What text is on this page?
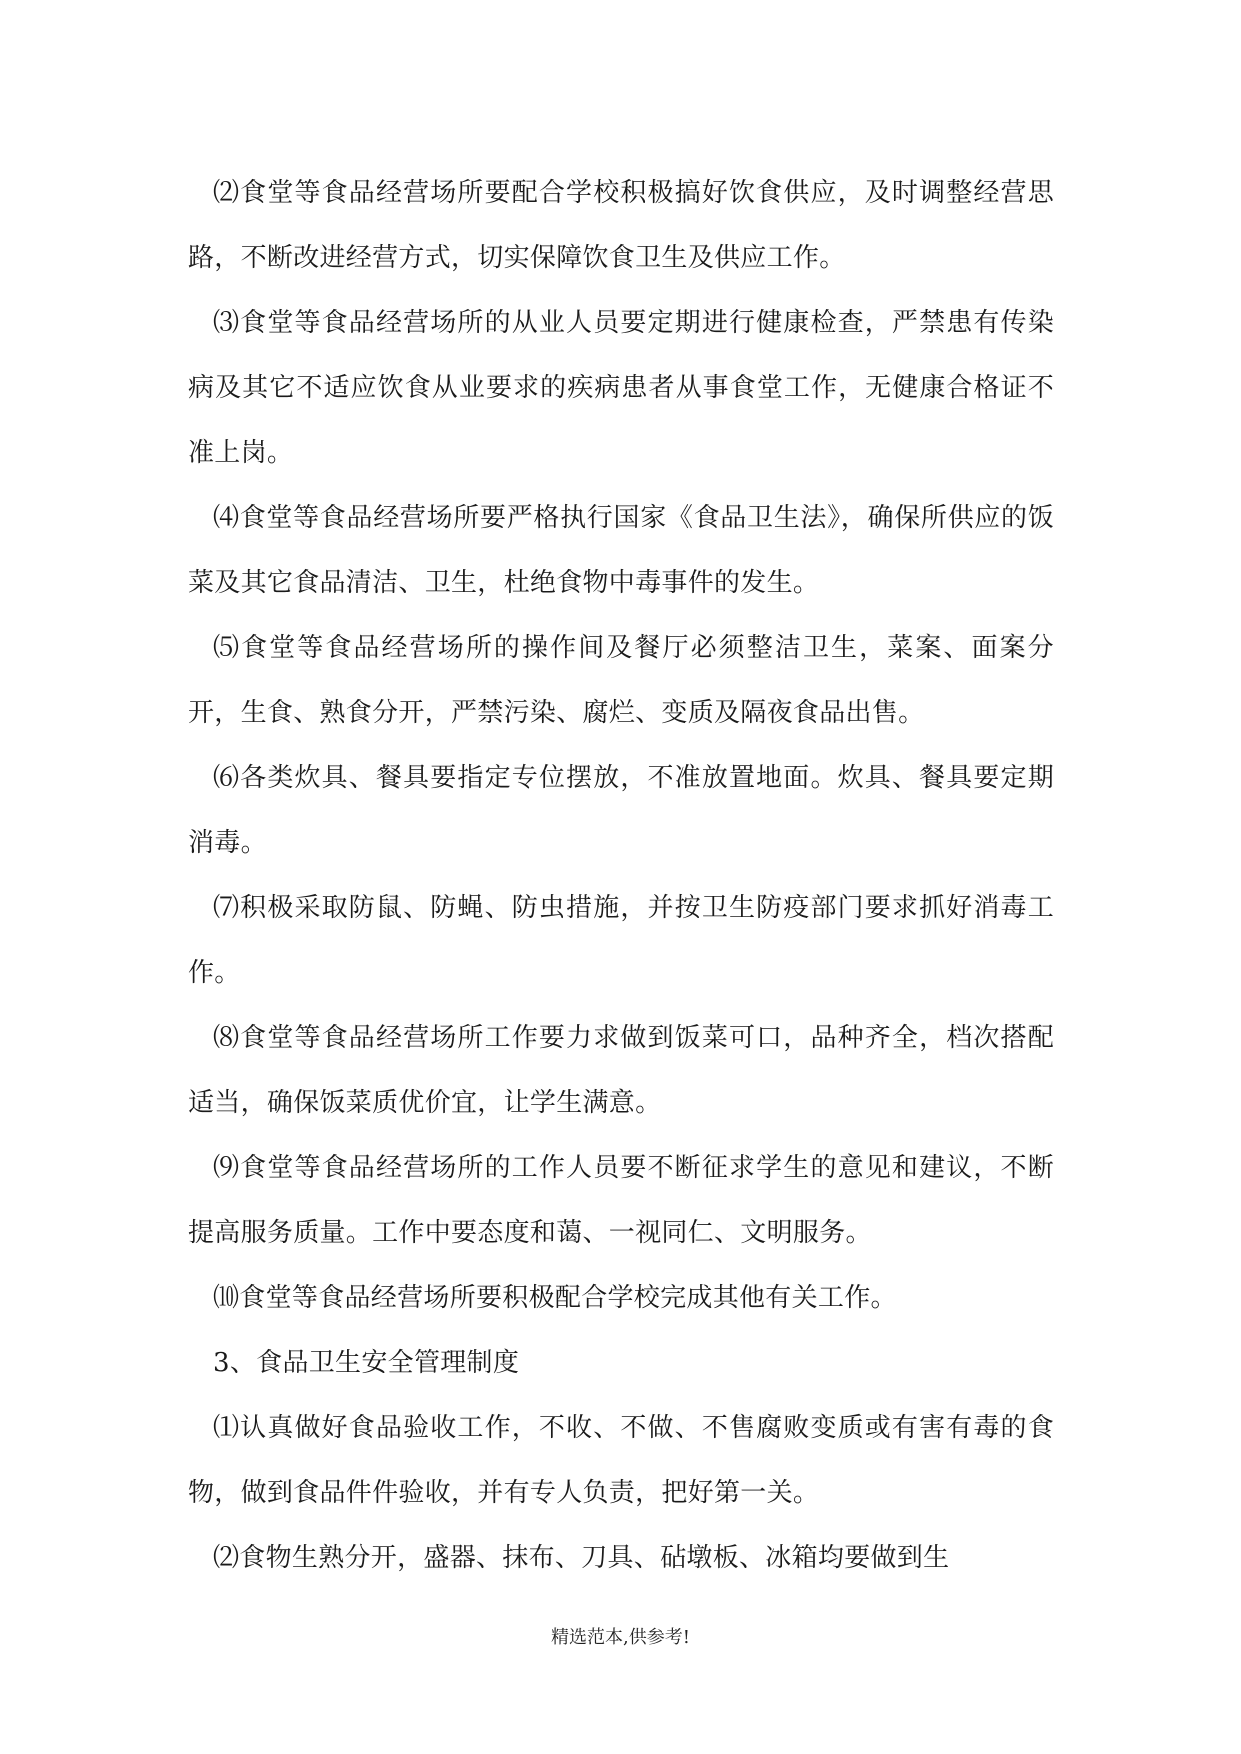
⑵食堂等食品经营场所要配合学校积极搞好饮食供应，及时调整经营思路，不断改进经营方式，切实保障饮食卫生及供应工作。

⑶食堂等食品经营场所的从业人员要定期进行健康检查，严禁患有传染病及其它不适应饮食从业要求的疾病患者从事食堂工作，无健康合格证不准上岗。

⑷食堂等食品经营场所要严格执行国家《食品卫生法》，确保所供应的饭菜及其它食品清洁、卫生，杜绝食物中毒事件的发生。

⑸食堂等食品经营场所的操作间及餐厅必须整洁卫生，菜案、面案分开，生食、熟食分开，严禁污染、腐烂、变质及隔夜食品出售。

⑹各类炊具、餐具要指定专位摆放，不准放置地面。炊具、餐具要定期消毒。

⑺积极采取防鼠、防蝇、防虫措施，并按卫生防疫部门要求抓好消毒工作。

⑻食堂等食品经营场所工作要力求做到饭菜可口，品种齐全，档次搭配适当，确保饭菜质优价宜，让学生满意。

⑼食堂等食品经营场所的工作人员要不断征求学生的意见和建议，不断提高服务质量。工作中要态度和蔼、一视同仁、文明服务。

⑽食堂等食品经营场所要积极配合学校完成其他有关工作。

3、食品卫生安全管理制度

⑴认真做好食品验收工作，不收、不做、不售腐败变质或有害有毒的食物，做到食品件件验收，并有专人负责，把好第一关。

⑵食物生熟分开，盛器、抹布、刀具、砧墩板、冰箱均要做到生

精选范本,供参考!
